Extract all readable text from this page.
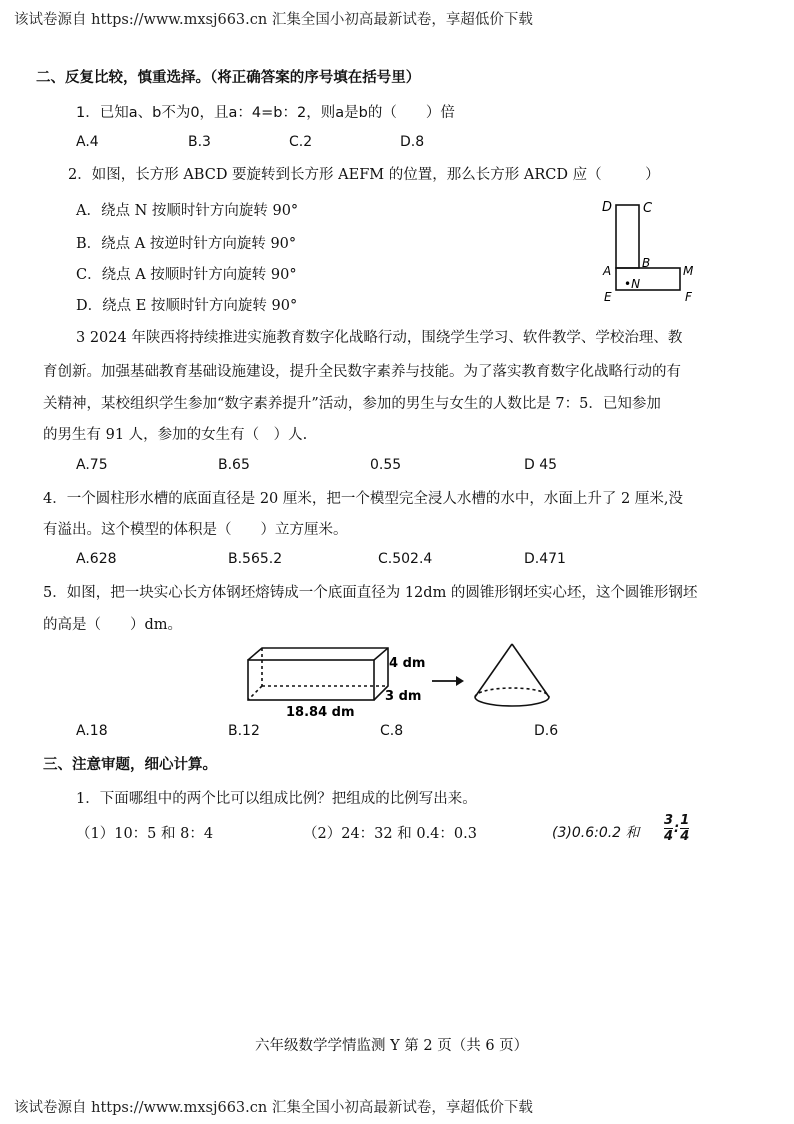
该试卷源自 https://www.mxsj663.cn 汇集全国小初高最新试卷，享超低价下载
二、反复比较，慎重选择。（将正确答案的序号填在括号里）
1．已知a、b不为0，且a：4=b：2，则a是b的（　　）倍
A.4	B.3	C.2	D.8
2．如图，长方形 ABCD 要旋转到长方形 AEFM 的位置，那么长方形 ARCD 应（　　　）
A．绕点 N 按顺时针方向旋转 90°
B．绕点 A 按逆时针方向旋转 90°
C．绕点 A 按顺时针方向旋转 90°
D．绕点 E 按顺时针方向旋转 90°
D C
A
B
M
E
•N
F
3 2024 年陕西将持续推进实施教育数字化战略行动，围绕学生学习、软件教学、学校治理、教
育创新。加强基础教育基础设施建设，提升全民数字素养与技能。为了落实教育数字化战略行动的有
关精神，某校组织学生参加“数字素养提升”活动，参加的男生与女生的人数比是 7：5．已知参加
的男生有 91 人，参加的女生有（　）人.
A.75	B.65	0.55	D 45
4．一个圆柱形水槽的底面直径是 20 厘米，把一个模型完全浸人水槽的水中，水面上升了 2 厘米,没
有溢出。这个模型的体积是（　　）立方厘米。
A.628	B.565.2	C.502.4	D.471
5．如图，把一块实心长方体钢坯熔铸成一个底面直径为 12dm 的圆锥形钢坯实心坯，这个圆锥形钢坯
的高是（　　）dm。
4 dm
3 dm
18.84 dm
A.18	B.12	C.8	D.6
三、注意审题，细心计算。
1．下面哪组中的两个比可以组成比例？把组成的比例写出来。
（1）10：5 和 8：4	（2）24：32 和 0.4：0.3	(3)0.6:0.2 和 $\frac{3}{4}$ : $\frac{1}{4}$
六年级数学学情监测 Y 第 2 页（共 6 页）
该试卷源自 https://www.mxsj663.cn 汇集全国小初高最新试卷，享超低价下载
